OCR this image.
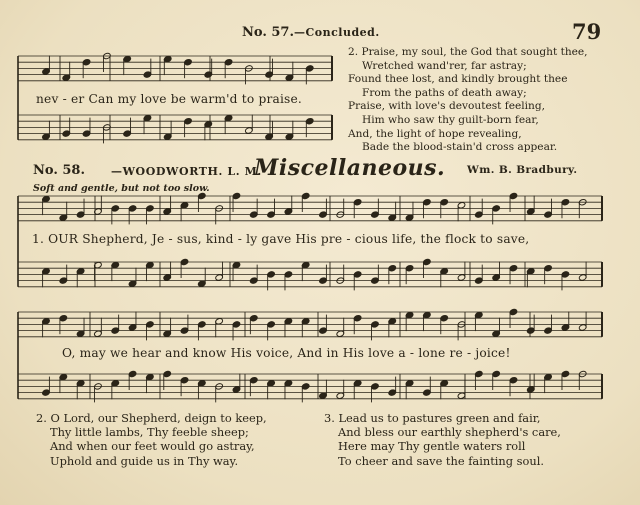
No. 57.—Concluded.	79
nev - er Can my love be warm'd to praise.
2. Praise, my soul, the God that sought thee,
Wretched wand'rer, far astray;
Found thee lost, and kindly brought thee
From the paths of death away;
Praise, with love's devoutest feeling,
Him who saw thy guilt-born fear,
And, the light of hope revealing,
Bade the blood-stain'd cross appear.
No. 58. —WOODWORTH. L. M.
Miscellaneous. Wm. B. Bradbury.
Soft and gentle, but not too slow.
1. OUR Shepherd, Je - sus, kind - ly gave His pre - cious life, the flock to save,
O, may we hear and know His voice, And in His love a - lone re - joice!
2. O Lord, our Shepherd, deign to keep,
Thy little lambs, Thy feeble sheep;
And when our feet would go astray,
Uphold and guide us in Thy way.
3. Lead us to pastures green and fair,
And bless our earthly shepherd's care,
Here may Thy gentle waters roll
To cheer and save the fainting soul.
